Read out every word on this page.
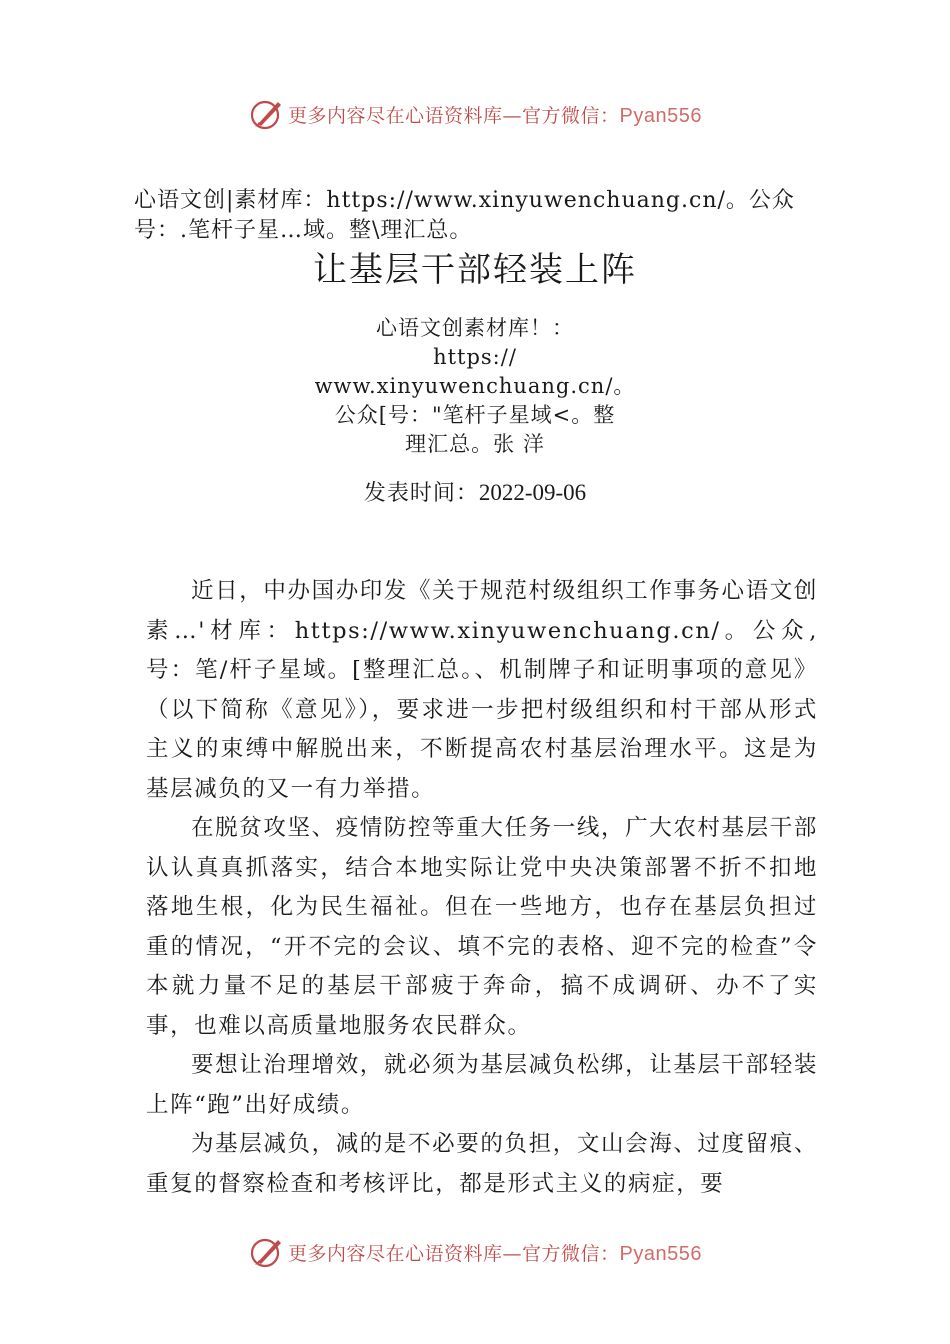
更多内容尽在心语资料库—官方微信：Pyan556
心语文创|素材库：https://www.xinyuwenchuang.cn/。公众号：.笔杆子星…域。整\理汇总。
让基层干部轻装上阵
心语文创素材库！：
https://
www.xinyuwenchuang.cn/。
公众[号："笔杆子星域<。整
理汇总。张 洋
发表时间：2022-09-06

近日，中办国办印发《关于规范村级组织工作事务心语文创素…'材库：https://www.xinyuwenchuang.cn/。公众,号：笔/杆子星域。[整理汇总。、机制牌子和证明事项的意见》（以下简称《意见》），要求进一步把村级组织和村干部从形式主义的束缚中解脱出来，不断提高农村基层治理水平。这是为基层减负的又一有力举措。

在脱贫攻坚、疫情防控等重大任务一线，广大农村基层干部认认真真抓落实，结合本地实际让党中央决策部署不折不扣地落地生根，化为民生福祉。但在一些地方，也存在基层负担过重的情况，“开不完的会议、填不完的表格、迎不完的检查”令本就力量不足的基层干部疲于奔命，搞不成调研、办不了实事，也难以高质量地服务农民群众。

要想让治理增效，就必须为基层减负松绑，让基层干部轻装上阵“跑”出好成绩。

为基层减负，减的是不必要的负担，文山会海、过度留痕、重复的督察检查和考核评比，都是形式主义的病症，要

更多内容尽在心语资料库—官方微信：Pyan556
